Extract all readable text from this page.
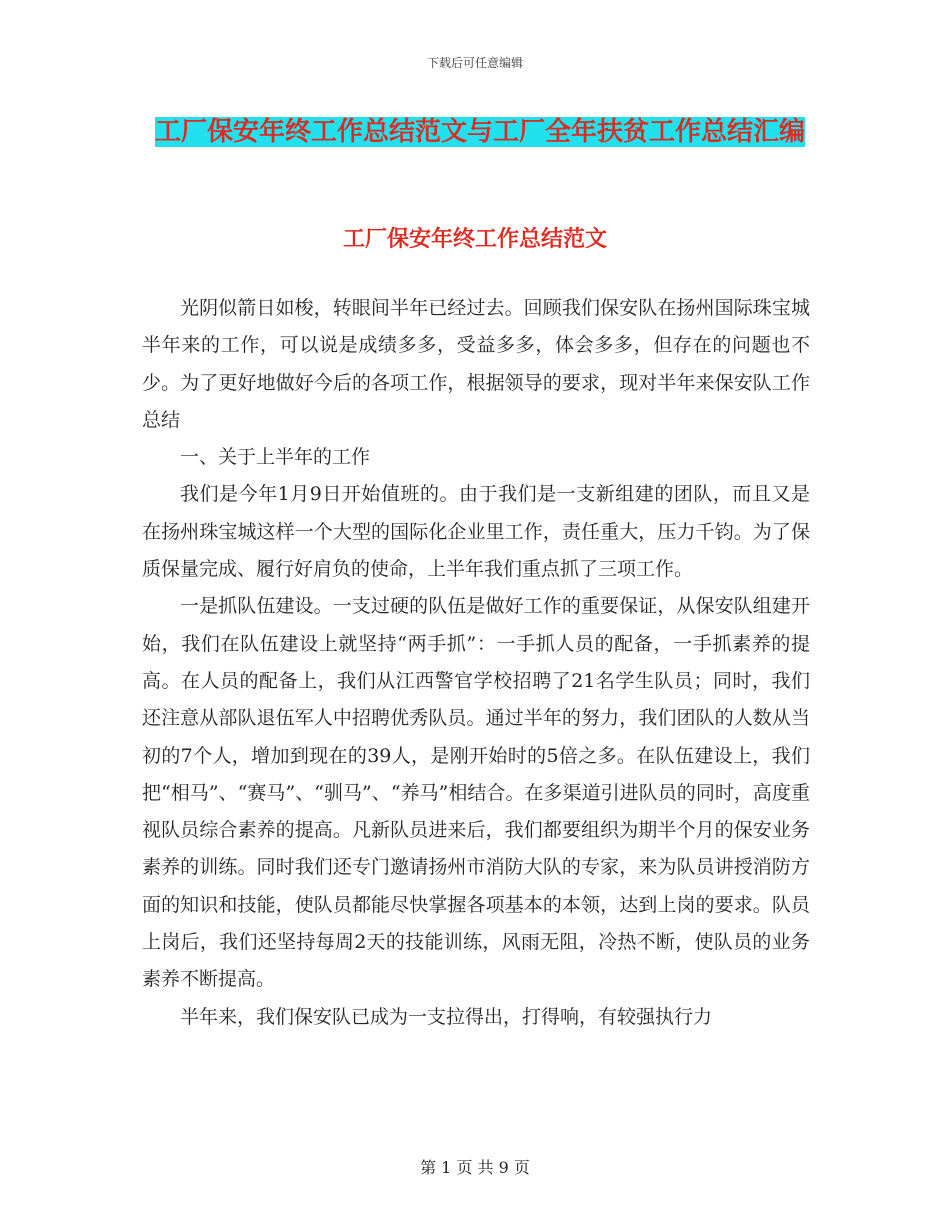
下载后可任意编辑
工厂保安年终工作总结范文与工厂全年扶贫工作总结汇编
工厂保安年终工作总结范文

光阴似箭日如梭，转眼间半年已经过去。回顾我们保安队在扬州国际珠宝城半年来的工作，可以说是成绩多多，受益多多，体会多多，但存在的问题也不少。为了更好地做好今后的各项工作，根据领导的要求，现对半年来保安队工作总结

一、关于上半年的工作

我们是今年1月9日开始值班的。由于我们是一支新组建的团队，而且又是在扬州珠宝城这样一个大型的国际化企业里工作，责任重大，压力千钧。为了保质保量完成、履行好肩负的使命，上半年我们重点抓了三项工作。

一是抓队伍建设。一支过硬的队伍是做好工作的重要保证，从保安队组建开始，我们在队伍建设上就坚持“两手抓”：一手抓人员的配备，一手抓素养的提高。在人员的配备上，我们从江西警官学校招聘了21名学生队员；同时，我们还注意从部队退伍军人中招聘优秀队员。通过半年的努力，我们团队的人数从当初的7个人，增加到现在的39人，是刚开始时的5倍之多。在队伍建设上，我们把“相马”、“赛马”、“驯马”、“养马”相结合。在多渠道引进队员的同时，高度重视队员综合素养的提高。凡新队员进来后，我们都要组织为期半个月的保安业务素养的训练。同时我们还专门邀请扬州市消防大队的专家，来为队员讲授消防方面的知识和技能，使队员都能尽快掌握各项基本的本领，达到上岗的要求。队员上岗后，我们还坚持每周2天的技能训练，风雨无阻，冷热不断，使队员的业务素养不断提高。

半年来，我们保安队已成为一支拉得出，打得响，有较强执行力

第 1 页 共 9 页
